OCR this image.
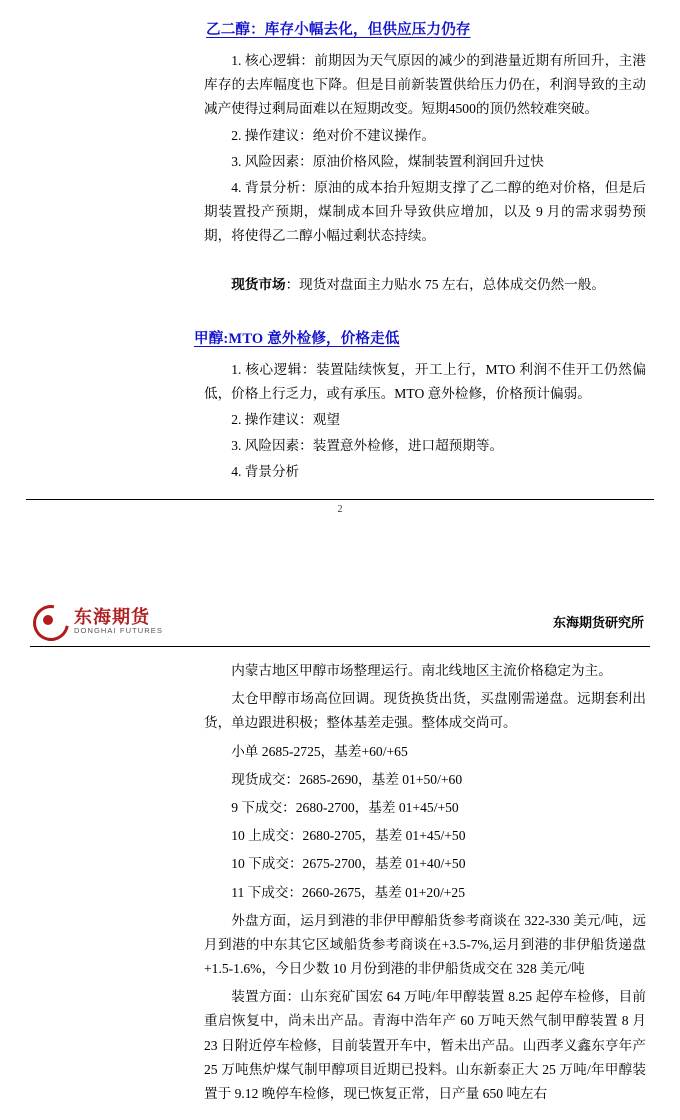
乙二醇：库存小幅去化，但供应压力仍存

1. 核心逻辑：前期因为天气原因的减少的到港量近期有所回升，主港库存的去库幅度也下降。但是目前新装置供给压力仍在，利润导致的主动减产使得过剩局面难以在短期改变。短期4500的顶仍然较难突破。

2. 操作建议：绝对价不建议操作。

3. 风险因素：原油价格风险，煤制装置利润回升过快

4. 背景分析：原油的成本抬升短期支撑了乙二醇的绝对价格，但是后期装置投产预期，煤制成本回升导致供应增加，以及 9 月的需求弱势预期，将使得乙二醇小幅过剩状态持续。

现货市场：现货对盘面主力贴水 75 左右，总体成交仍然一般。

甲醇:MTO 意外检修，价格走低

1. 核心逻辑：装置陆续恢复，开工上行，MTO 利润不佳开工仍然偏低，价格上行乏力，或有承压。MTO 意外检修，价格预计偏弱。

2. 操作建议：观望

3. 风险因素：装置意外检修，进口超预期等。

4. 背景分析

2
东海期货
DONGHAI FUTURES
东海期货研究所

内蒙古地区甲醇市场整理运行。南北线地区主流价格稳定为主。

太仓甲醇市场高位回调。现货换货出货，买盘刚需递盘。远期套利出货，单边跟进积极；整体基差走强。整体成交尚可。

小单 2685-2725，基差+60/+65

现货成交：2685-2690，基差 01+50/+60

9 下成交：2680-2700，基差 01+45/+50

10 上成交：2680-2705，基差 01+45/+50

10 下成交：2675-2700，基差 01+40/+50

11 下成交：2660-2675，基差 01+20/+25

外盘方面，运月到港的非伊甲醇船货参考商谈在 322-330 美元/吨，远月到港的中东其它区域船货参考商谈在+3.5-7%,运月到港的非伊船货递盘+1.5-1.6%，今日少数 10 月份到港的非伊船货成交在 328 美元/吨

装置方面：山东兖矿国宏 64 万吨/年甲醇装置 8.25 起停车检修，目前重启恢复中，尚未出产品。青海中浩年产 60 万吨天然气制甲醇装置 8 月 23 日附近停车检修，目前装置开车中，暂未出产品。山西孝义鑫东亨年产 25 万吨焦炉煤气制甲醇项目近期已投料。山东新泰正大 25 万吨/年甲醇装置于 9.12 晚停车检修，现已恢复正常，日产量 650 吨左右
